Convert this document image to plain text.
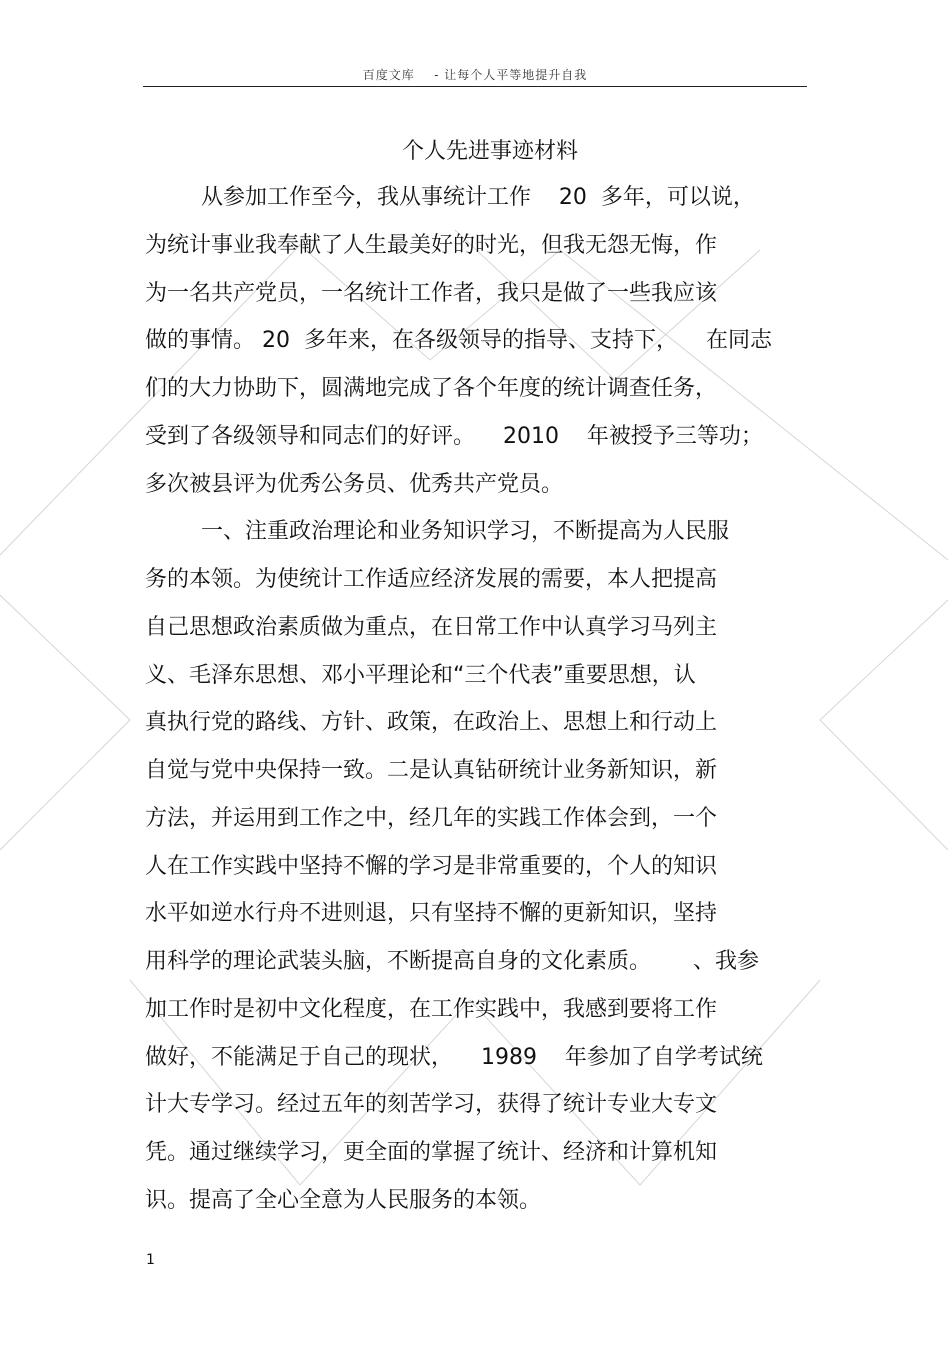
百度文库 - 让每个人平等地提升自我
个人先进事迹材料
从参加工作至今，我从事统计工作    20  多年，可以说，
为统计事业我奉献了人生最美好的时光，但我无怨无悔，作
为一名共产党员，一名统计工作者，我只是做了一些我应该
做的事情。 20  多年来，在各级领导的指导、支持下，    在同志
们的大力协助下，圆满地完成了各个年度的统计调查任务，
受到了各级领导和同志们的好评。    2010    年被授予三等功；
多次被县评为优秀公务员、优秀共产党员。
一、注重政治理论和业务知识学习，不断提高为人民服
务的本领。为使统计工作适应经济发展的需要，本人把提高
自己思想政治素质做为重点，在日常工作中认真学习马列主
义、毛泽东思想、邓小平理论和“三个代表”重要思想，认
真执行党的路线、方针、政策，在政治上、思想上和行动上
自觉与党中央保持一致。二是认真钻研统计业务新知识，新
方法，并运用到工作之中，经几年的实践工作体会到，一个
人在工作实践中坚持不懈的学习是非常重要的，个人的知识
水平如逆水行舟不进则退，只有坚持不懈的更新知识，坚持
用科学的理论武装头脑，不断提高自身的文化素质。      、我参
加工作时是初中文化程度，在工作实践中，我感到要将工作
做好，不能满足于自己的现状，    1989    年参加了自学考试统
计大专学习。经过五年的刻苦学习，获得了统计专业大专文
凭。通过继续学习，更全面的掌握了统计、经济和计算机知
识。提高了全心全意为人民服务的本领。
1
